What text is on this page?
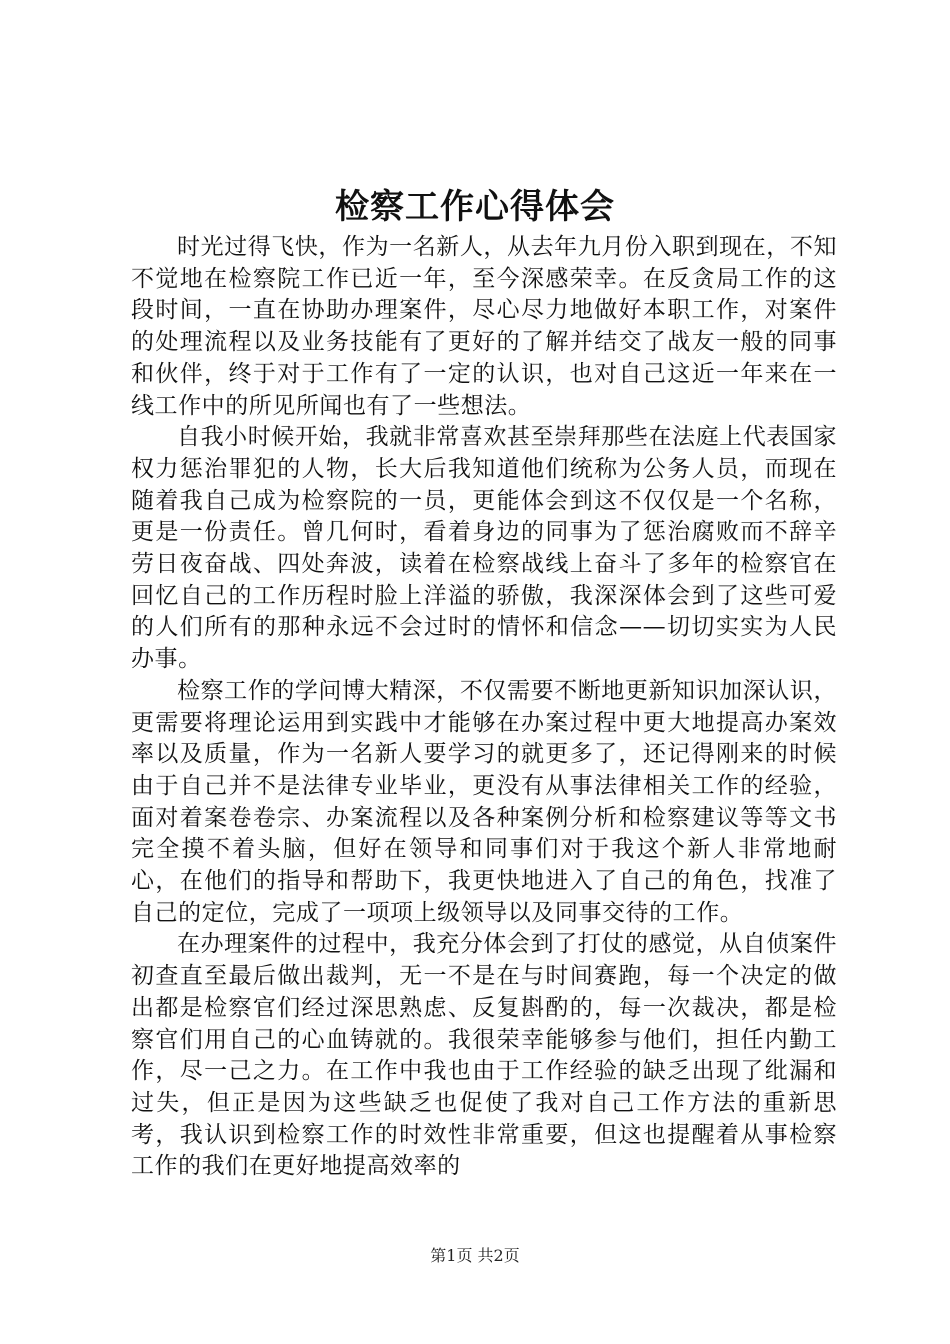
检察工作心得体会

时光过得飞快，作为一名新人，从去年九月份入职到现在，不知不觉地在检察院工作已近一年，至今深感荣幸。在反贪局工作的这段时间，一直在协助办理案件，尽心尽力地做好本职工作，对案件的处理流程以及业务技能有了更好的了解并结交了战友一般的同事和伙伴，终于对于工作有了一定的认识，也对自己这近一年来在一线工作中的所见所闻也有了一些想法。

自我小时候开始，我就非常喜欢甚至崇拜那些在法庭上代表国家权力惩治罪犯的人物，长大后我知道他们统称为公务人员，而现在随着我自己成为检察院的一员，更能体会到这不仅仅是一个名称，更是一份责任。曾几何时，看着身边的同事为了惩治腐败而不辞辛劳日夜奋战、四处奔波，读着在检察战线上奋斗了多年的检察官在回忆自己的工作历程时脸上洋溢的骄傲，我深深体会到了这些可爱的人们所有的那种永远不会过时的情怀和信念——切切实实为人民办事。

检察工作的学问博大精深，不仅需要不断地更新知识加深认识，更需要将理论运用到实践中才能够在办案过程中更大地提高办案效率以及质量，作为一名新人要学习的就更多了，还记得刚来的时候由于自己并不是法律专业毕业，更没有从事法律相关工作的经验，面对着案卷卷宗、办案流程以及各种案例分析和检察建议等等文书完全摸不着头脑，但好在领导和同事们对于我这个新人非常地耐心，在他们的指导和帮助下，我更快地进入了自己的角色，找准了自己的定位，完成了一项项上级领导以及同事交待的工作。

在办理案件的过程中，我充分体会到了打仗的感觉，从自侦案件初查直至最后做出裁判，无一不是在与时间赛跑，每一个决定的做出都是检察官们经过深思熟虑、反复斟酌的，每一次裁决，都是检察官们用自己的心血铸就的。我很荣幸能够参与他们，担任内勤工作，尽一己之力。在工作中我也由于工作经验的缺乏出现了纰漏和过失，但正是因为这些缺乏也促使了我对自己工作方法的重新思考，我认识到检察工作的时效性非常重要，但这也提醒着从事检察工作的我们在更好地提高效率的

第1页 共2页
